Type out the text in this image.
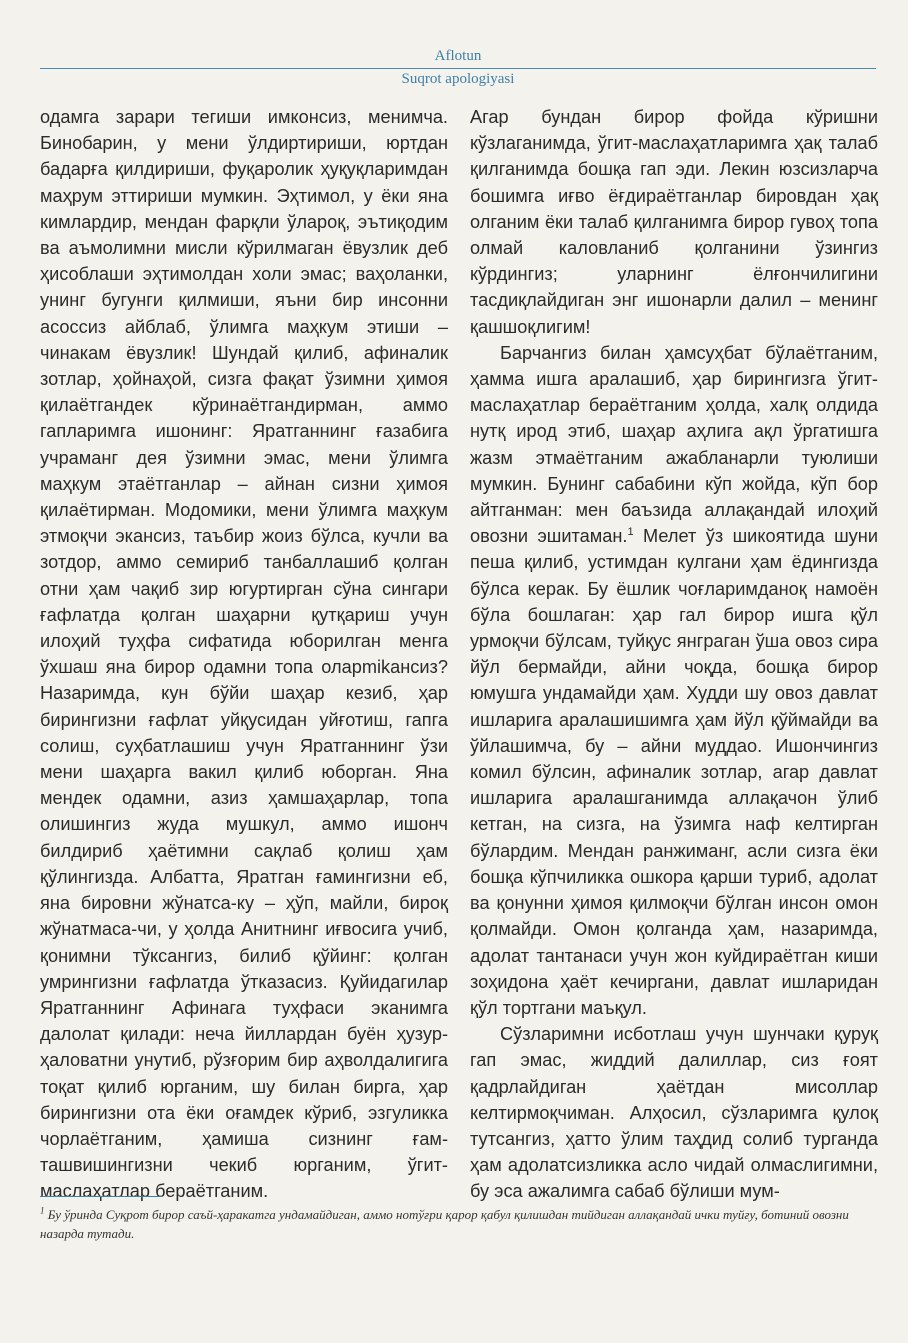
Aflotun
Suqrot apologiyasi

одамга зарари тегиши имконсиз, менимча. Бинобарин, у мени ўлдиртириши, юртдан бадарға қилдириши, фуқаролик ҳуқуқларимдан маҳрум эттириши мумкин. Эҳтимол, у ёки яна кимлардир, мендан фарқли ўлароқ, эътиқодим ва аъмолимни мисли кўрилмаган ёвузлик деб ҳисоблаши эҳтимолдан холи эмас; ваҳоланки, унинг бугунги қилмиши, яъни бир инсонни асоссиз айблаб, ўлимга маҳкум этиши – чинакам ёвузлик! Шундай қилиб, афиналик зотлар, ҳойнаҳой, сизга фақат ўзимни ҳимоя қилаётгандек кўринаётгандирман, аммо гапларимга ишонинг: Яратганнинг ғазабига учраманг дея ўзимни эмас, мени ўлимга маҳкум этаётганлар – айнан сизни ҳимоя қилаётирман. Модомики, мени ўлимга маҳкум этмоқчи экансиз, таъбир жоиз бўлса, кучли ва зотдор, аммо семириб танбаллашиб қолган отни ҳам чақиб зир югуртирган сўна сингари ғафлатда қолган шаҳарни қутқариш учун илоҳий туҳфа сифатида юборилган менга ўхшаш яна бирор одамни топа оларmikансиз? Назаримда, кун бўйи шаҳар кезиб, ҳар бирингизни ғафлат уйқусидан уйғотиш, гапга солиш, суҳбатлашиш учун Яратганнинг ўзи мени шаҳарга вакил қилиб юборган. Яна мендек одамни, азиз ҳамшаҳарлар, топа олишингиз жуда мушкул, аммо ишонч билдириб ҳаётимни сақлаб қолиш ҳам қўлингизда. Албатта, Яратган ғамингизни еб, яна бировни жўнатса-ку – ҳўп, майли, бироқ жўнатмаса-чи, у ҳолда Анитнинг иғвосига учиб, қонимни тўксангиз, билиб қўйинг: қолган умрингизни ғафлатда ўтказасиз. Қуйидагилар Яратганнинг Афинага туҳфаси эканимга далолат қилади: неча йиллардан буён ҳузур-ҳаловатни унутиб, рўзғорим бир аҳволдалигига тоқат қилиб юрганим, шу билан бирга, ҳар бирингизни ота ёки оғамдек кўриб, эзгуликка чорлаётганим, ҳамиша сизнинг ғам-ташвишингизни чекиб юрганим, ўгит-маслаҳатлар бераётганим.

Агар бундан бирор фойда кўришни кўзлаганимда, ўгит-маслаҳатларимга ҳақ талаб қилганимда бошқа гап эди. Лекин юзсизларча бошимга иғво ёғдираётганлар бировдан ҳақ олганим ёки талаб қилганимга бирор гувоҳ топа олмай каловланиб қолганини ўзингиз кўрдингиз; уларнинг ёлғончилигини тасдиқлайдиган энг ишонарли далил – менинг қашшоқлигим!

Барчангиз билан ҳамсуҳбат бўлаётганим, ҳамма ишга аралашиб, ҳар бирингизга ўгит-маслаҳатлар бераётганим ҳолда, халқ олдида нутқ ирод этиб, шаҳар аҳлига ақл ўргатишга жазм этмаётганим ажабланарли туюлиши мумкин. Бунинг сабабини кўп жойда, кўп бор айтганман: мен баъзида аллақандай илоҳий овозни эшитаман.$^1$ Мелет ўз шикоятида шуни пеша қилиб, устимдан кулгани ҳам ёдингизда бўлса керак. Бу ёшлик чоғларимданоқ намоён бўла бошлаган: ҳар гал бирор ишга қўл урмоқчи бўлсам, туйқус янграган ўша овоз сира йўл бермайди, айни чоқда, бошқа бирор юмушга ундамайди ҳам. Худди шу овоз давлат ишларига аралашишимга ҳам йўл қўймайди ва ўйлашимча, бу – айни муддао. Ишончингиз комил бўлсин, афиналик зотлар, агар давлат ишларига аралашганимда аллақачон ўлиб кетган, на сизга, на ўзимга наф келтирган бўлардим. Мендан ранжиманг, асли сизга ёки бошқа кўпчиликка ошкора қарши туриб, адолат ва қонунни ҳимоя қилмоқчи бўлган инсон омон қолмайди. Омон қолганда ҳам, назаримда, адолат тантанаси учун жон куйдираётган киши зоҳидона ҳаёт кечиргани, давлат ишларидан қўл тортгани маъқул.

Сўзларимни исботлаш учун шунчаки қуруқ гап эмас, жиддий далиллар, сиз ғоят қадрлайдиган ҳаётдан мисоллар келтирмоқчиман. Алҳосил, сўзларимга қулоқ тутсангиз, ҳатто ўлим таҳдид солиб турганда ҳам адолатсизликка асло чидай олмаслигимни, бу эса ажалимга сабаб бўлиши мум-

$^1$ Бу ўринда Суқрот бирор саъй-ҳаракатга ундамайдиган, аммо нотўғри қарор қабул қилишдан тийдиган аллақандай ички туйғу, ботиний овозни назарда тутади.
